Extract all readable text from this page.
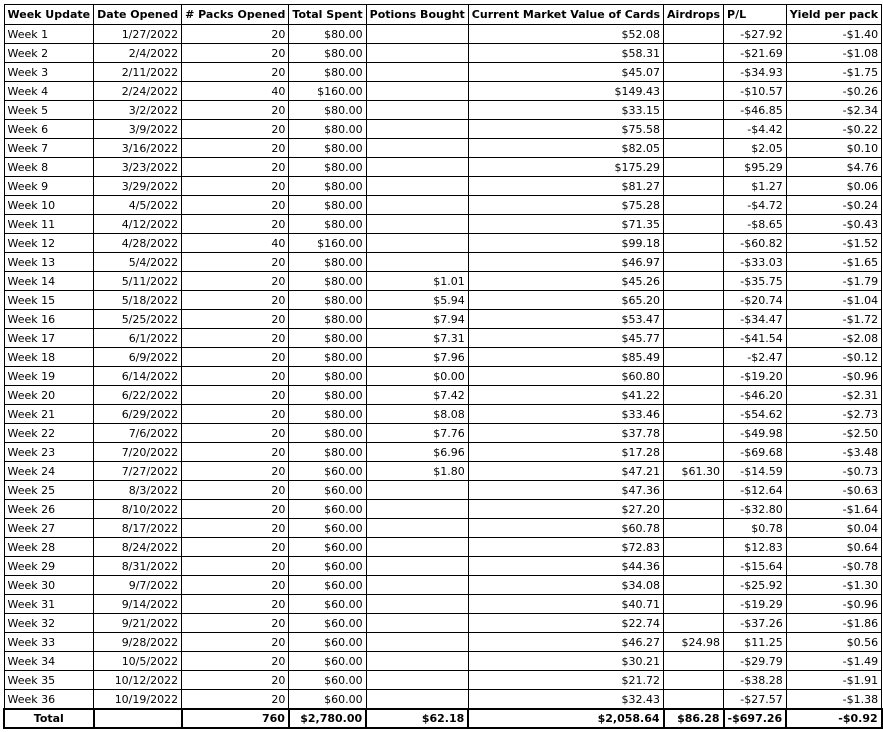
Week Update	Date Opened	# Packs Opened	Total Spent	Potions Bought	Current Market Value of Cards	Airdrops	P/L	Yield per pack
Week 1	1/27/2022	20	$80.00		$52.08		-$27.92	-$1.40
Week 2	2/4/2022	20	$80.00		$58.31		-$21.69	-$1.08
Week 3	2/11/2022	20	$80.00		$45.07		-$34.93	-$1.75
Week 4	2/24/2022	40	$160.00		$149.43		-$10.57	-$0.26
Week 5	3/2/2022	20	$80.00		$33.15		-$46.85	-$2.34
Week 6	3/9/2022	20	$80.00		$75.58		-$4.42	-$0.22
Week 7	3/16/2022	20	$80.00		$82.05		$2.05	$0.10
Week 8	3/23/2022	20	$80.00		$175.29		$95.29	$4.76
Week 9	3/29/2022	20	$80.00		$81.27		$1.27	$0.06
Week 10	4/5/2022	20	$80.00		$75.28		-$4.72	-$0.24
Week 11	4/12/2022	20	$80.00		$71.35		-$8.65	-$0.43
Week 12	4/28/2022	40	$160.00		$99.18		-$60.82	-$1.52
Week 13	5/4/2022	20	$80.00		$46.97		-$33.03	-$1.65
Week 14	5/11/2022	20	$80.00	$1.01	$45.26		-$35.75	-$1.79
Week 15	5/18/2022	20	$80.00	$5.94	$65.20		-$20.74	-$1.04
Week 16	5/25/2022	20	$80.00	$7.94	$53.47		-$34.47	-$1.72
Week 17	6/1/2022	20	$80.00	$7.31	$45.77		-$41.54	-$2.08
Week 18	6/9/2022	20	$80.00	$7.96	$85.49		-$2.47	-$0.12
Week 19	6/14/2022	20	$80.00	$0.00	$60.80		-$19.20	-$0.96
Week 20	6/22/2022	20	$80.00	$7.42	$41.22		-$46.20	-$2.31
Week 21	6/29/2022	20	$80.00	$8.08	$33.46		-$54.62	-$2.73
Week 22	7/6/2022	20	$80.00	$7.76	$37.78		-$49.98	-$2.50
Week 23	7/20/2022	20	$80.00	$6.96	$17.28		-$69.68	-$3.48
Week 24	7/27/2022	20	$60.00	$1.80	$47.21	$61.30	-$14.59	-$0.73
Week 25	8/3/2022	20	$60.00		$47.36		-$12.64	-$0.63
Week 26	8/10/2022	20	$60.00		$27.20		-$32.80	-$1.64
Week 27	8/17/2022	20	$60.00		$60.78		$0.78	$0.04
Week 28	8/24/2022	20	$60.00		$72.83		$12.83	$0.64
Week 29	8/31/2022	20	$60.00		$44.36		-$15.64	-$0.78
Week 30	9/7/2022	20	$60.00		$34.08		-$25.92	-$1.30
Week 31	9/14/2022	20	$60.00		$40.71		-$19.29	-$0.96
Week 32	9/21/2022	20	$60.00		$22.74		-$37.26	-$1.86
Week 33	9/28/2022	20	$60.00		$46.27	$24.98	$11.25	$0.56
Week 34	10/5/2022	20	$60.00		$30.21		-$29.79	-$1.49
Week 35	10/12/2022	20	$60.00		$21.72		-$38.28	-$1.91
Week 36	10/19/2022	20	$60.00		$32.43		-$27.57	-$1.38
Total		760	$2,780.00	$62.18	$2,058.64	$86.28	-$697.26	-$0.92
